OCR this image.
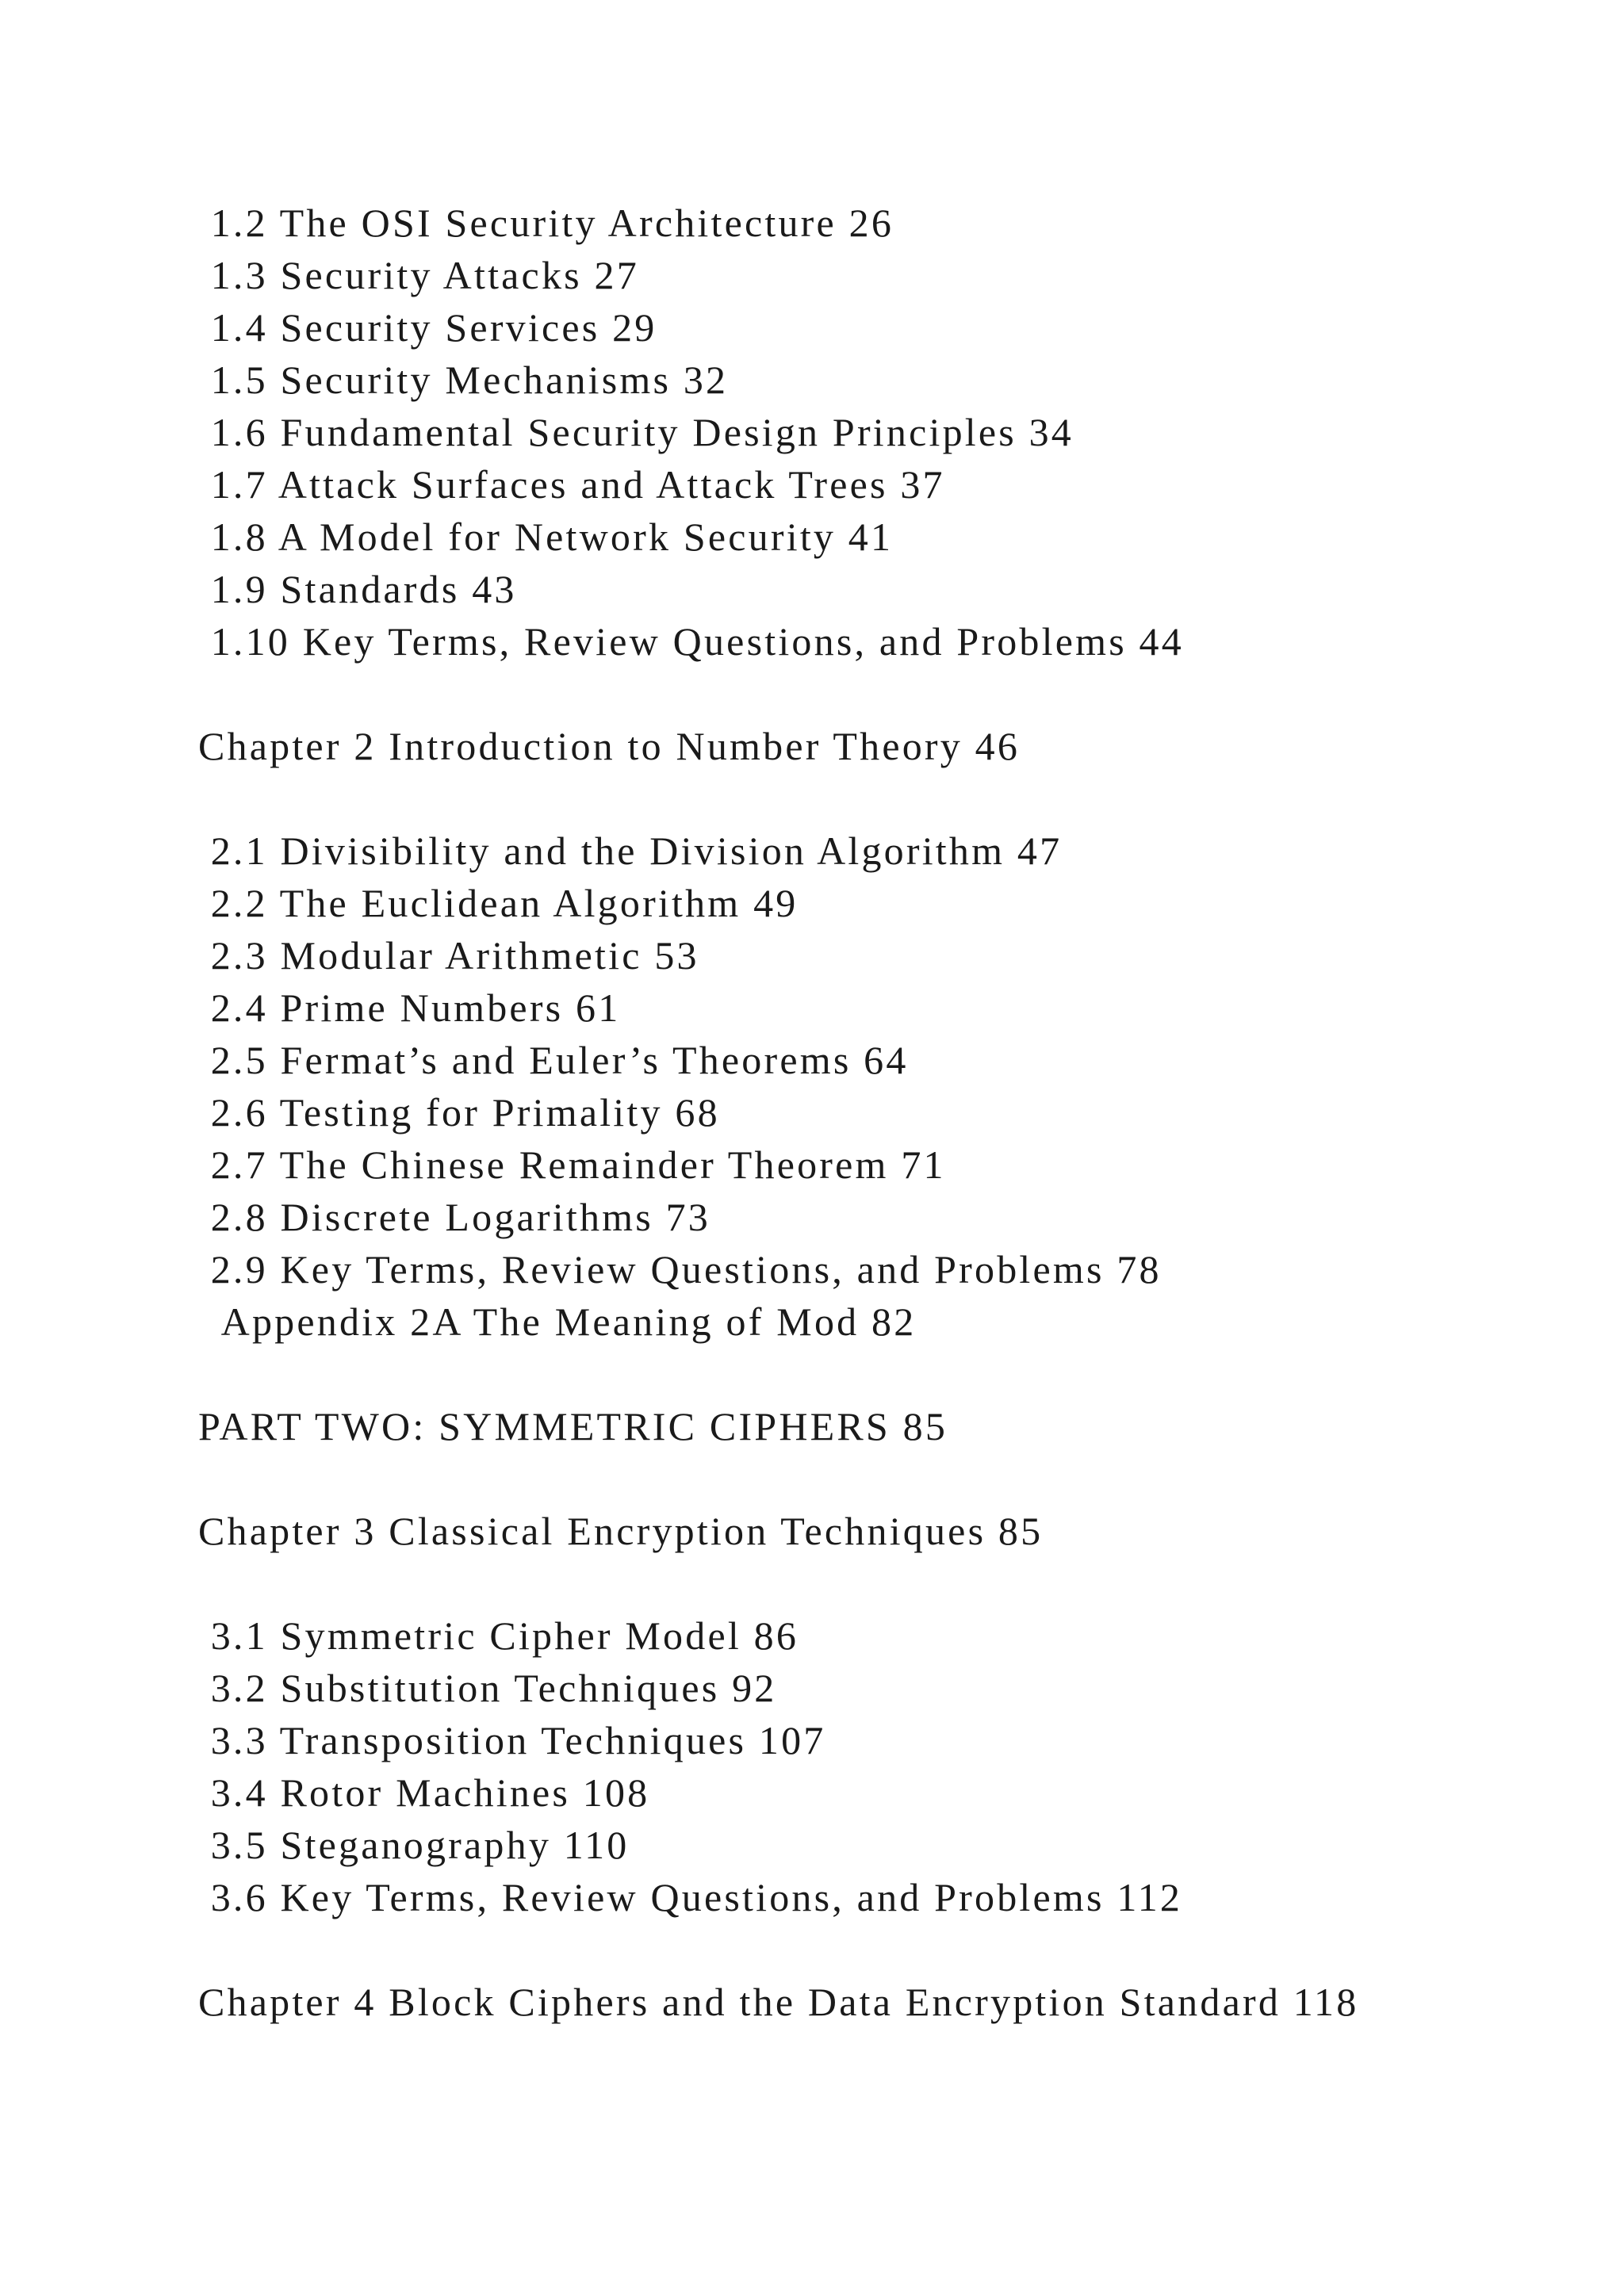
1.2 The OSI Security Architecture 26
1.3 Security Attacks 27
1.4 Security Services 29
1.5 Security Mechanisms 32
1.6 Fundamental Security Design Principles 34
1.7 Attack Surfaces and Attack Trees 37
1.8 A Model for Network Security 41
1.9 Standards 43
1.10 Key Terms, Review Questions, and Problems 44
Chapter 2 Introduction to Number Theory 46
2.1 Divisibility and the Division Algorithm 47
2.2 The Euclidean Algorithm 49
2.3 Modular Arithmetic 53
2.4 Prime Numbers 61
2.5 Fermat’s and Euler’s Theorems 64
2.6 Testing for Primality 68
2.7 The Chinese Remainder Theorem 71
2.8 Discrete Logarithms 73
2.9 Key Terms, Review Questions, and Problems 78
Appendix 2A The Meaning of Mod 82
PART TWO: SYMMETRIC CIPHERS 85
Chapter 3 Classical Encryption Techniques 85
3.1 Symmetric Cipher Model 86
3.2 Substitution Techniques 92
3.3 Transposition Techniques 107
3.4 Rotor Machines 108
3.5 Steganography 110
3.6 Key Terms, Review Questions, and Problems 112
Chapter 4 Block Ciphers and the Data Encryption Standard 118
